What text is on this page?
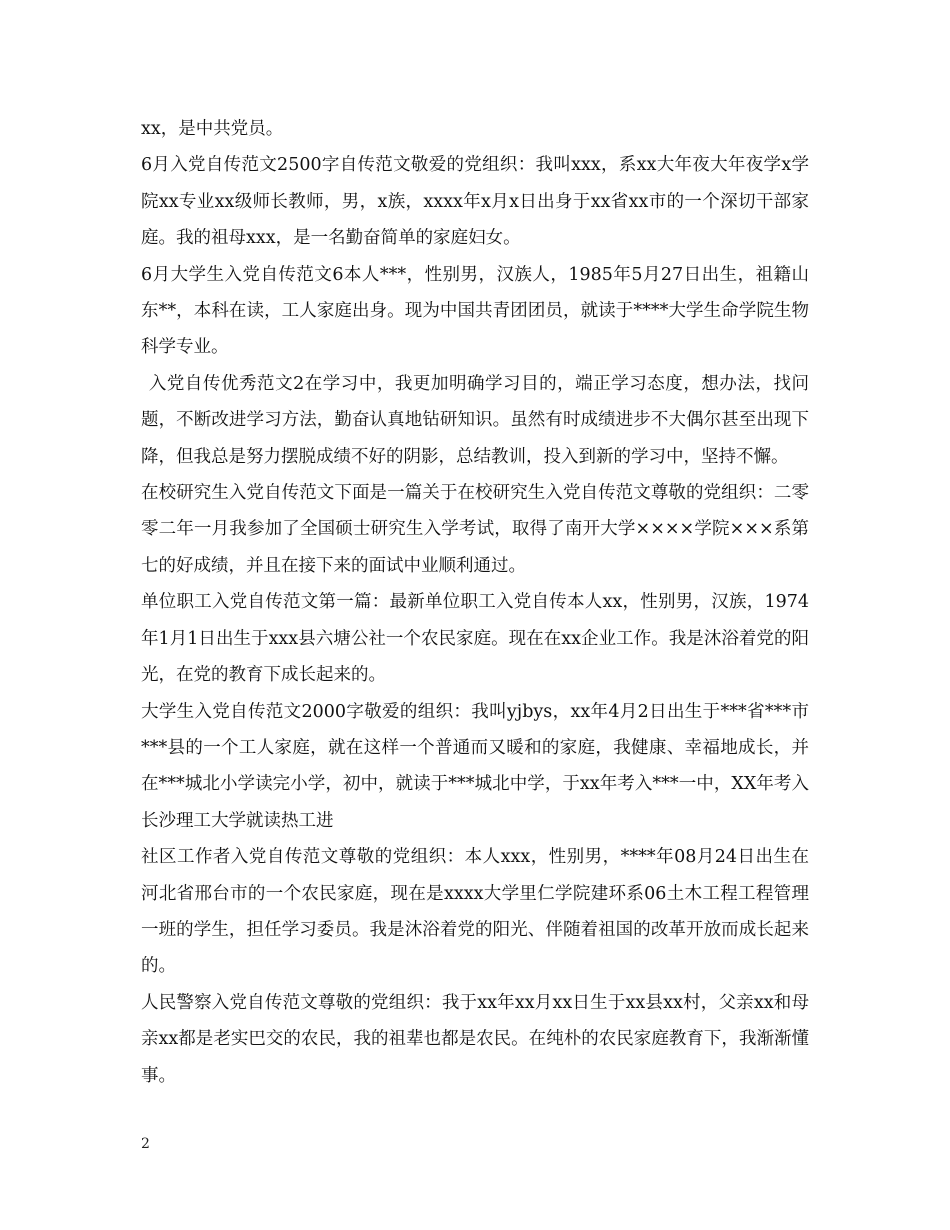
xx，是中共党员。

6月入党自传范文2500字自传范文敬爱的党组织：我叫xxx，系xx大年夜大年夜学x学院xx专业xx级师长教师，男，x族，xxxx年x月x日出身于xx省xx市的一个深切干部家庭。我的祖母xxx，是一名勤奋简单的家庭妇女。

6月大学生入党自传范文6本人***，性别男，汉族人，1985年5月27日出生，祖籍山东**，本科在读，工人家庭出身。现为中国共青团团员，就读于****大学生命学院生物科学专业。

入党自传优秀范文2在学习中，我更加明确学习目的，端正学习态度，想办法，找问题，不断改进学习方法，勤奋认真地钻研知识。虽然有时成绩进步不大偶尔甚至出现下降，但我总是努力摆脱成绩不好的阴影，总结教训，投入到新的学习中，坚持不懈。

在校研究生入党自传范文下面是一篇关于在校研究生入党自传范文尊敬的党组织：二零零二年一月我参加了全国硕士研究生入学考试，取得了南开大学××××学院×××系第七的好成绩，并且在接下来的面试中业顺利通过。

单位职工入党自传范文第一篇：最新单位职工入党自传本人xx，性别男，汉族，1974年1月1日出生于xxx县六塘公社一个农民家庭。现在在xx企业工作。我是沐浴着党的阳光，在党的教育下成长起来的。

大学生入党自传范文2000字敬爱的组织：我叫yjbys，xx年4月2日出生于***省***市***县的一个工人家庭，就在这样一个普通而又暖和的家庭，我健康、幸福地成长，并在***城北小学读完小学，初中，就读于***城北中学，于xx年考入***一中，XX年考入长沙理工大学就读热工进

社区工作者入党自传范文尊敬的党组织：本人xxx，性别男，****年08月24日出生在河北省邢台市的一个农民家庭，现在是xxxx大学里仁学院建环系06土木工程工程管理一班的学生，担任学习委员。我是沐浴着党的阳光、伴随着祖国的改革开放而成长起来的。

人民警察入党自传范文尊敬的党组织：我于xx年xx月xx日生于xx县xx村，父亲xx和母亲xx都是老实巴交的农民，我的祖辈也都是农民。在纯朴的农民家庭教育下，我渐渐懂事。

2
